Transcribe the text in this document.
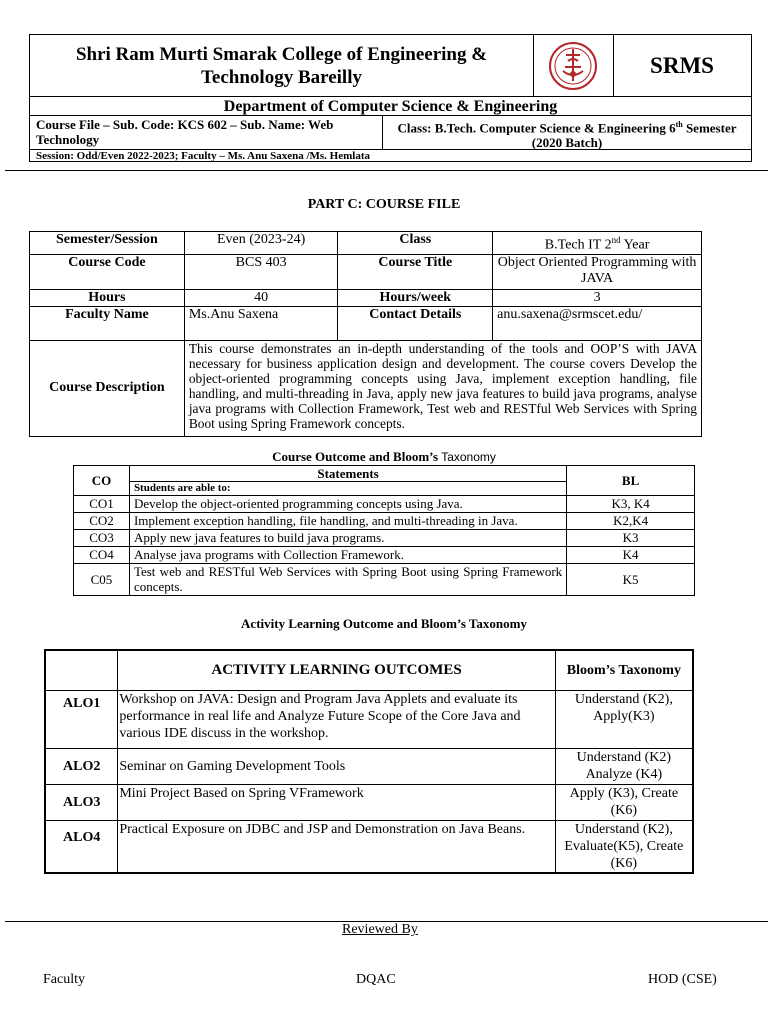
Shri Ram Murti Smarak College of Engineering & Technology Bareilly	SRMS
Department of Computer Science & Engineering
Course File – Sub. Code: KCS 602 – Sub. Name: Web Technology
Class: B.Tech. Computer Science & Engineering 6th Semester (2020 Batch)
Session: Odd/Even 2022-2023; Faculty – Ms. Anu Saxena /Ms. Hemlata
PART C: COURSE FILE
Semester/Session	Even (2023-24)	Class	B.Tech IT 2nd Year
Course Code	BCS 403	Course Title	Object Oriented Programming with JAVA
Hours	40	Hours/week	3
Faculty Name	Ms.Anu Saxena	Contact Details	anu.saxena@srmscet.edu/
Course Description	This course demonstrates an in-depth understanding of the tools and OOP’S with JAVA necessary for business application design and development. The course covers Develop the object-oriented programming concepts using Java, implement exception handling, file handling, and multi-threading in Java, apply new java features to build java programs, analyse java programs with Collection Framework, Test web and RESTful Web Services with Spring Boot using Spring Framework concepts.		
Course Outcome and Bloom’s Taxonomy
CO	Statements	BL
	Students are able to:	
CO1	Develop the object-oriented programming concepts using Java.	K3, K4
CO2	Implement exception handling, file handling, and multi-threading in Java.	K2,K4
CO3	Apply new java features to build java programs.	K3
CO4	Analyse java programs with Collection Framework.	K4
C05	Test web and RESTful Web Services with Spring Boot using Spring Framework concepts.	K5
Activity Learning Outcome and Bloom’s Taxonomy
	ACTIVITY LEARNING OUTCOMES	Bloom’s Taxonomy
ALO1	Workshop on JAVA: Design and Program Java Applets and evaluate its performance in real life and Analyze Future Scope of the Core Java and various IDE discuss in the workshop.	Understand (K2), Apply(K3)
ALO2	Seminar on Gaming Development Tools	Understand (K2) Analyze (K4)
ALO3	Mini Project Based on Spring VFramework	Apply (K3), Create (K6)
ALO4	Practical Exposure on JDBC and JSP and Demonstration on Java Beans.	Understand (K2), Evaluate(K5), Create (K6)
Reviewed By
Faculty	DQAC	HOD (CSE)
